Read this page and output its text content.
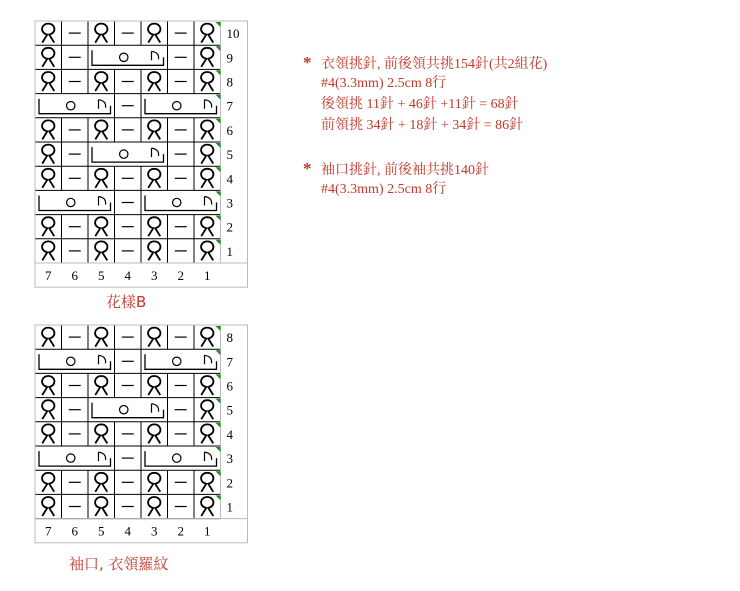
10
9
8
7
6
5
4
3
2
1
7 6 5 4 3 2 1
花樣B
8
7
6
5
4
3
2
1
7 6 5 4 3 2 1
袖口, 衣領羅紋
* 衣領挑針, 前後領共挑154針(共2組花)
#4(3.3mm) 2.5cm 8行
後領挑 11針 + 46針 +11針 = 68針
前領挑 34針 + 18針 + 34針 = 86針
* 袖口挑針, 前後袖共挑140針
#4(3.3mm) 2.5cm 8行
